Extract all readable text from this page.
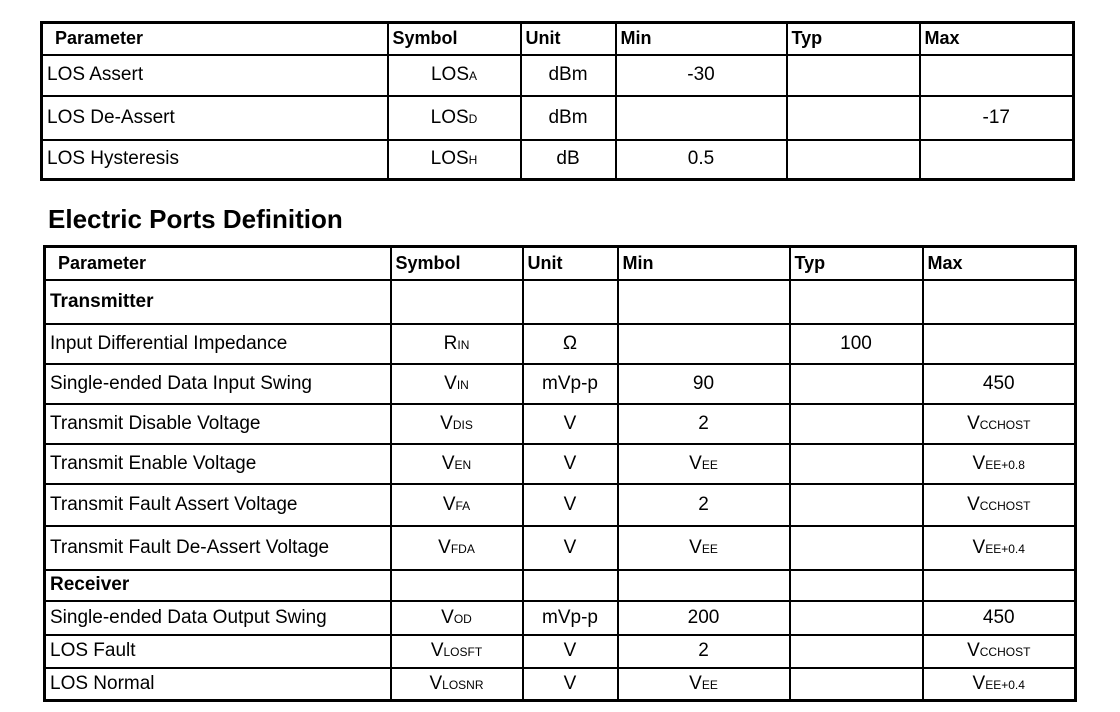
Parameter	Symbol	Unit	Min	Typ	Max
LOS Assert	LOSA	dBm	-30		
LOS De-Assert	LOSD	dBm			-17
LOS Hysteresis	LOSH	dB	0.5		
Electric Ports Definition
Parameter	Symbol	Unit	Min	Typ	Max
Transmitter					
Input Differential Impedance	RIN	Ω		100	
Single-ended Data Input Swing	VIN	mVp-p	90		450
Transmit Disable Voltage	VDIS	V	2		VCCHOST
Transmit Enable Voltage	VEN	V	VEE		VEE+0.8
Transmit Fault Assert Voltage	VFA	V	2		VCCHOST
Transmit Fault De-Assert Voltage	VFDA	V	VEE		VEE+0.4
Receiver					
Single-ended Data Output Swing	VOD	mVp-p	200		450
LOS Fault	VLOSFT	V	2		VCCHOST
LOS Normal	VLOSNR	V	VEE		VEE+0.4
